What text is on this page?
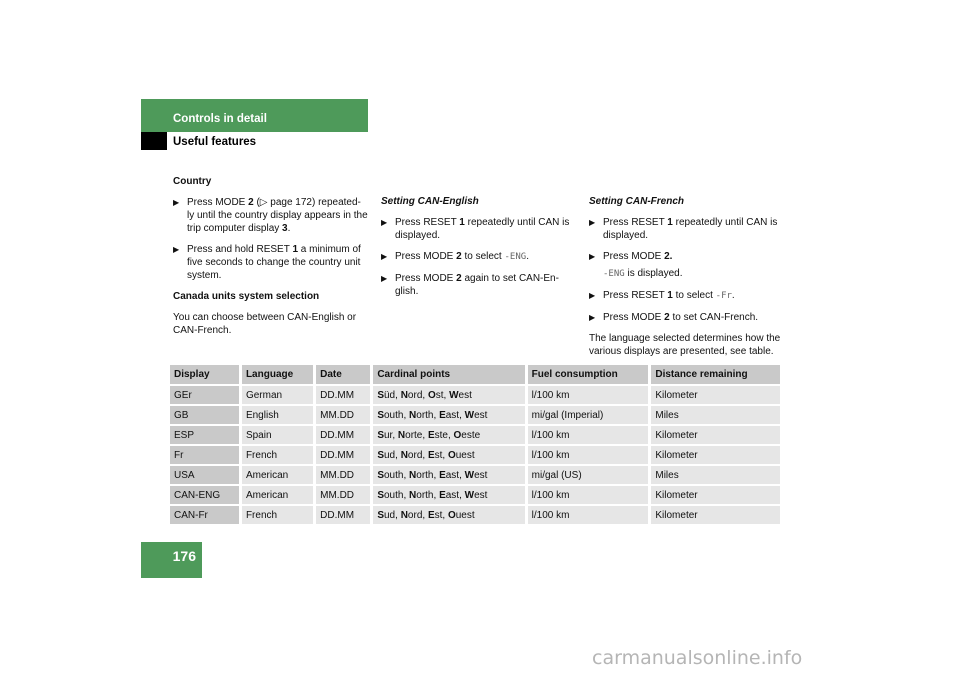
Controls in detail
Useful features

Country

▶ Press MODE 2 (▷ page 172) repeated-ly until the country display appears in the trip computer display 3.

▶ Press and hold RESET 1 a minimum of five seconds to change the country unit system.

Canada units system selection

You can choose between CAN-English or CAN-French.

Setting CAN-English

▶ Press RESET 1 repeatedly until CAN is displayed.

▶ Press MODE 2 to select -ENG.

▶ Press MODE 2 again to set CAN-En-glish.

Setting CAN-French

▶ Press RESET 1 repeatedly until CAN is displayed.

▶ Press MODE 2.

-ENG is displayed.

▶ Press RESET 1 to select -Fr.

▶ Press MODE 2 to set CAN-French.

The language selected determines how the various displays are presented, see table.

Display	Language	Date	Cardinal points	Fuel consumption	Distance remaining
GEr	German	DD.MM	Süd, Nord, Ost, West	l/100 km	Kilometer
GB	English	MM.DD	South, North, East, West	mi/gal (Imperial)	Miles
ESP	Spain	DD.MM	Sur, Norte, Este, Oeste	l/100 km	Kilometer
Fr	French	DD.MM	Sud, Nord, Est, Ouest	l/100 km	Kilometer
USA	American	MM.DD	South, North, East, West	mi/gal (US)	Miles
CAN-ENG	American	MM.DD	South, North, East, West	l/100 km	Kilometer
CAN-Fr	French	DD.MM	Sud, Nord, Est, Ouest	l/100 km	Kilometer
176
carmanualsonline.info
